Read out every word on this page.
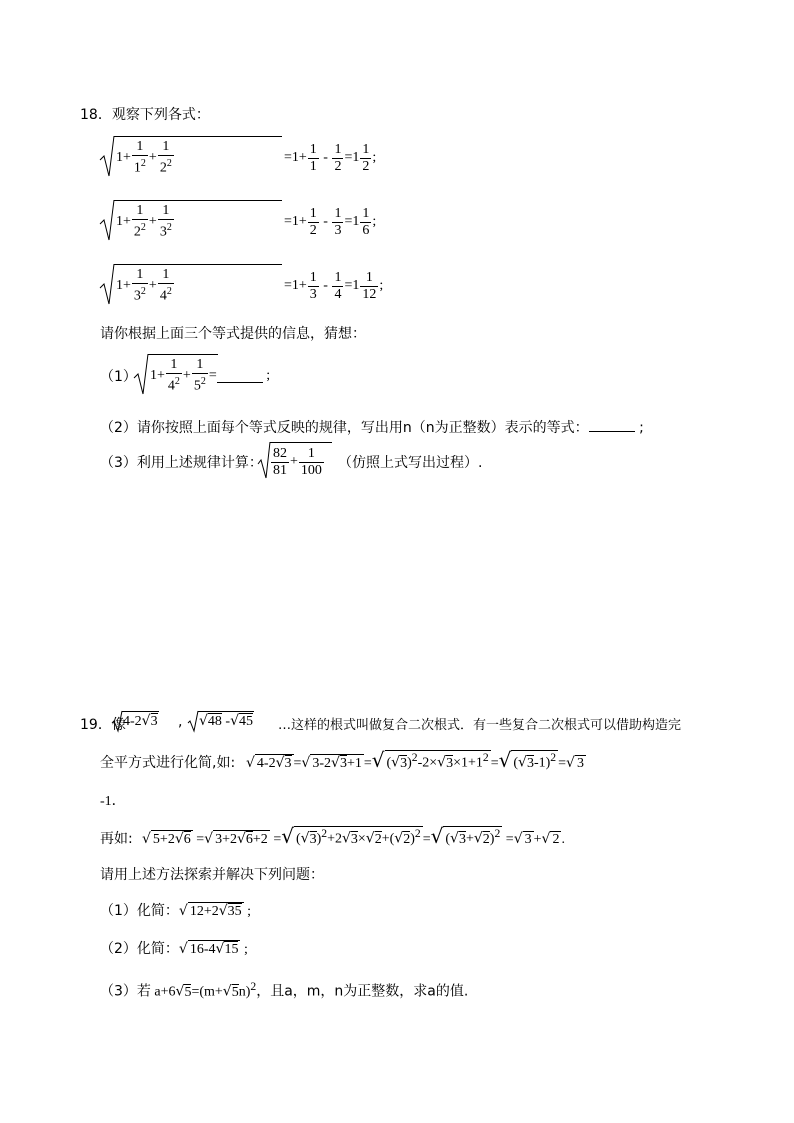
18．观察下列各式：
$1+ \frac{1}{1^2} + \frac{1}{2^2}$	$=1+ \frac{1}{1} - \frac{1}{2} = 1 \frac{1}{2}$ ;
$1+ \frac{1}{2^2} + \frac{1}{3^2}$	$=1+ \frac{1}{2} - \frac{1}{3} = 1 \frac{1}{6}$ ;
$1+ \frac{1}{3^2} + \frac{1}{4^2}$	$=1+ \frac{1}{3} - \frac{1}{4} = 1 \frac{1}{12}$ ;
请你根据上面三个等式提供的信息，猜想：
（1） $1+ \frac{1}{4^2} + \frac{1}{5^2}$ =	;
（2）请你按照上面每个等式反映的规律，写出用n（n为正整数）表示的等式：	;
（3）利用上述规律计算： $\frac{82}{81} + \frac{1}{100}$ （仿照上式写出过程）.
19．像
4-2√3 , √48 -√45 …这样的根式叫做复合二次根式．有一些复合二次根式可以借助构造完
全平方式进行化简,如: √ 4-2√3 =√ 3-2√3+1 =√ $(√3)^2-2\times√3\times 1+1^2$ =√ $(√3-1)^2$ =√ 3
-1．
再如: √ 5+2√6 =√ 3+2√6+2 =√ $(√3)^2+2√3\times√2+(√2)^2$ =√ $(√3+√2)^2$ =√ 3 +√ 2 .
请用上述方法探索并解决下列问题：
（1）化简：√ 12+2√35 ;
（2）化简：√ 16-4√15 ;
（3）若 $a+6√5=(m+√5n)^2$，且a，m，n为正整数，求a的值.
